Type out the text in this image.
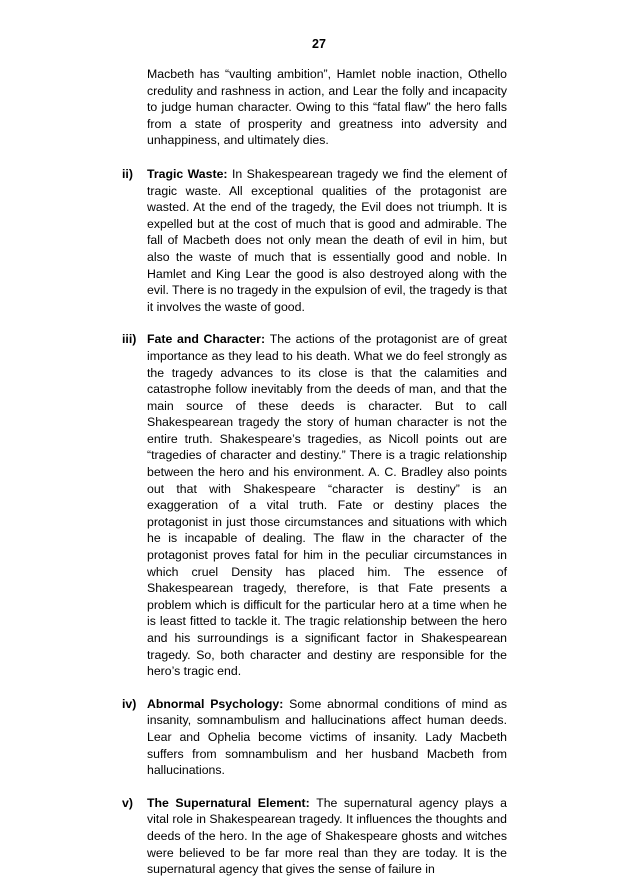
27
Macbeth has “vaulting ambition”, Hamlet noble inaction, Othello credulity and rashness in action, and Lear the folly and incapacity to judge human character. Owing to this “fatal flaw” the hero falls from a state of prosperity and greatness into adversity and unhappiness, and ultimately dies.
ii) Tragic Waste: In Shakespearean tragedy we find the element of tragic waste. All exceptional qualities of the protagonist are wasted. At the end of the tragedy, the Evil does not triumph. It is expelled but at the cost of much that is good and admirable. The fall of Macbeth does not only mean the death of evil in him, but also the waste of much that is essentially good and noble. In Hamlet and King Lear the good is also destroyed along with the evil. There is no tragedy in the expulsion of evil, the tragedy is that it involves the waste of good.
iii) Fate and Character: The actions of the protagonist are of great importance as they lead to his death. What we do feel strongly as the tragedy advances to its close is that the calamities and catastrophe follow inevitably from the deeds of man, and that the main source of these deeds is character. But to call Shakespearean tragedy the story of human character is not the entire truth. Shakespeare’s tragedies, as Nicoll points out are “tragedies of character and destiny.” There is a tragic relationship between the hero and his environment. A. C. Bradley also points out that with Shakespeare “character is destiny” is an exaggeration of a vital truth. Fate or destiny places the protagonist in just those circumstances and situations with which he is incapable of dealing. The flaw in the character of the protagonist proves fatal for him in the peculiar circumstances in which cruel Density has placed him. The essence of Shakespearean tragedy, therefore, is that Fate presents a problem which is difficult for the particular hero at a time when he is least fitted to tackle it. The tragic relationship between the hero and his surroundings is a significant factor in Shakespearean tragedy. So, both character and destiny are responsible for the hero’s tragic end.
iv) Abnormal Psychology: Some abnormal conditions of mind as insanity, somnambulism and hallucinations affect human deeds. Lear and Ophelia become victims of insanity. Lady Macbeth suffers from somnambulism and her husband Macbeth from hallucinations.
v) The Supernatural Element: The supernatural agency plays a vital role in Shakespearean tragedy. It influences the thoughts and deeds of the hero. In the age of Shakespeare ghosts and witches were believed to be far more real than they are today. It is the supernatural agency that gives the sense of failure in
